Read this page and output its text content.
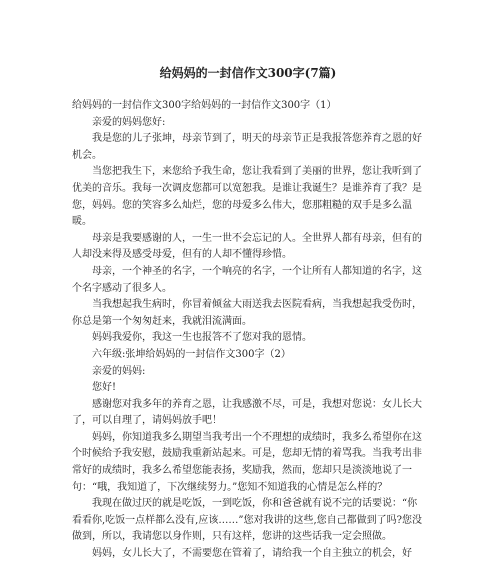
给妈妈的一封信作文300字(7篇)

给妈妈的一封信作文300字给妈妈的一封信作文300字（1）

亲爱的妈妈您好:

我是您的儿子张坤，母亲节到了，明天的母亲节正是我报答您养育之恩的好机会。

当您把我生下，来您给予我生命，您让我看到了美丽的世界，您让我听到了优美的音乐。我每一次调皮您都可以宽恕我。是谁让我诞生？是谁养育了我？是您，妈妈。您的笑容多么灿烂，您的母爱多么伟大，您那粗糙的双手是多么温暖。

母亲是我要感谢的人，一生一世不会忘记的人。全世界人都有母亲，但有的人却没来得及感受母爱，但有的人却不懂得珍惜。

母亲，一个神圣的名字，一个响亮的名字，一个让所有人都知道的名字，这个名字感动了很多人。

当我想起我生病时，你冒着倾盆大雨送我去医院看病，当我想起我受伤时，你总是第一个匆匆赶来，我就泪流满面。

妈妈我爱你，我这一生也报答不了您对我的恩情。

六年级:张坤给妈妈的一封信作文300字（2）

亲爱的妈妈:

您好!

感谢您对我多年的养育之恩，让我感激不尽，可是，我想对您说：女儿长大了，可以自理了，请妈妈放手吧！

妈妈，你知道我多么期望当我考出一个不理想的成绩时，我多么希望你在这个时候给予我安慰，鼓励我重新站起来。可是，您却无情的着骂我。当我考出非常好的成绩时，我多么希望您能表扬，奖励我，然而，您却只是淡淡地说了一句：“哦，我知道了，下次继续努力。”您知不知道我的心情是怎么样的？

我现在做过厌的就是吃饭，一到吃饭，你和爸爸就有说不完的话要说：“你看看你,吃饭一点样都么没有,应该……”您对我讲的这些,您自己都做到了吗?您没做到，所以，我请您以身作则，只有这样，您讲的这些话我一定会照做。

妈妈，女儿长大了，不需要您在管着了，请给我一个自主独立的机会，好
